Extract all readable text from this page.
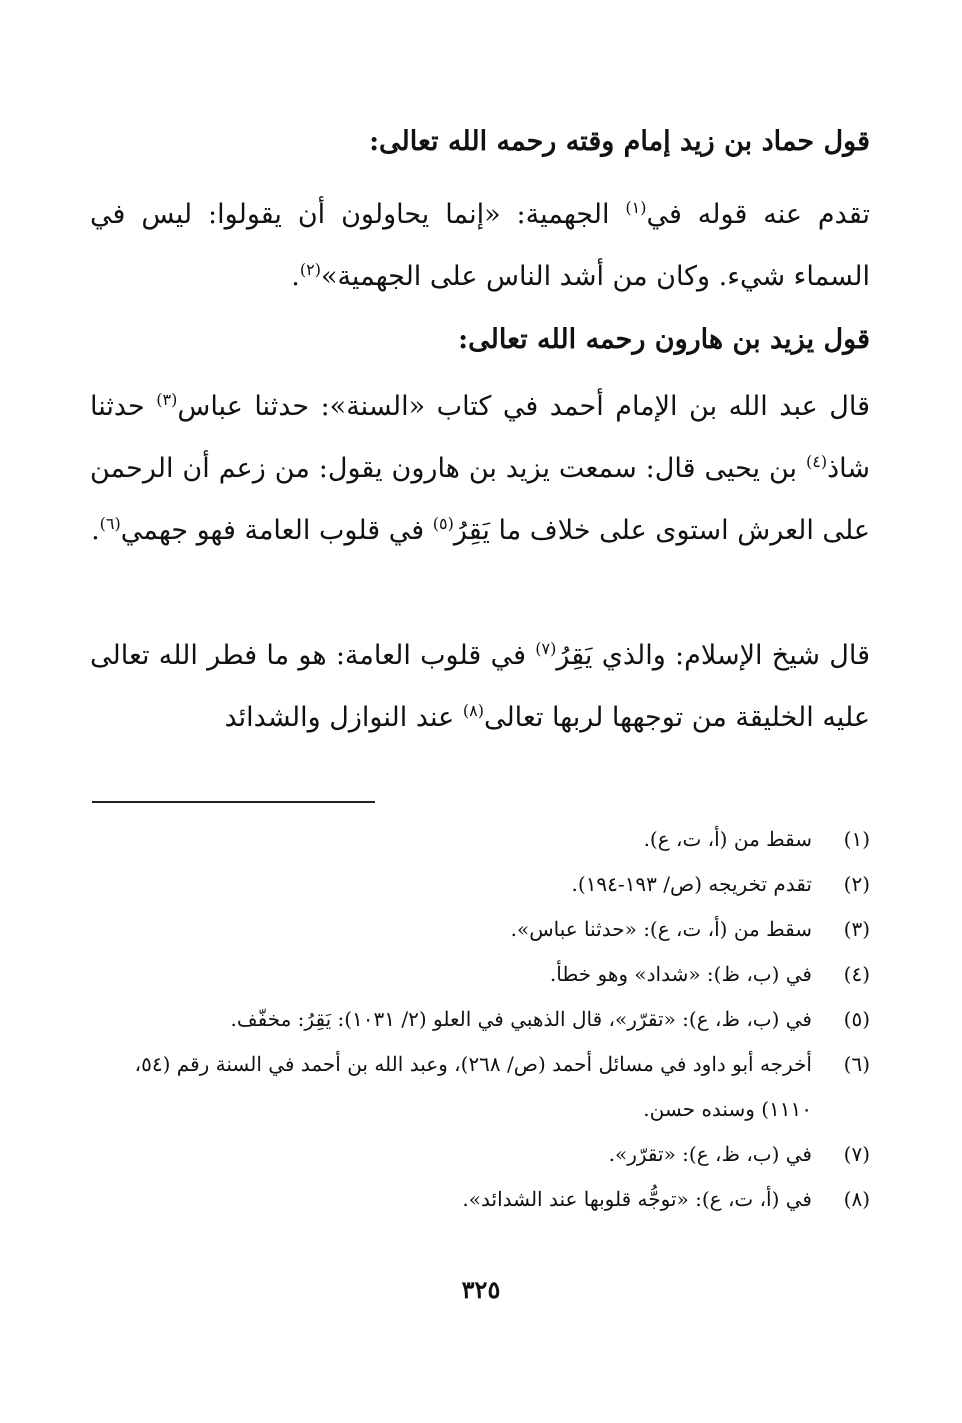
قول حماد بن زيد إمام وقته رحمه الله تعالى:
تقدم عنه قوله في$^{(١)}$ الجهمية: «إنما يحاولون أن يقولوا: ليس في السماء شيء. وكان من أشد الناس على الجهمية»$^{(٢)}$.
قول يزيد بن هارون رحمه الله تعالى:
قال عبد الله بن الإمام أحمد في كتاب «السنة»: حدثنا عباس$^{(٣)}$ حدثنا شاذ$^{(٤)}$ بن يحيى قال: سمعت يزيد بن هارون يقول: من زعم أن الرحمن على العرش استوى على خلاف ما يَقِرُ$^{(٥)}$ في قلوب العامة فهو جهمي$^{(٦)}$.
قال شيخ الإسلام: والذي يَقِرُ$^{(٧)}$ في قلوب العامة: هو ما فطر الله تعالى عليه الخليقة من توجهها لربها تعالى$^{(٨)}$ عند النوازل والشدائد
(١)
سقط من (أ، ت، ع).
(٢)
تقدم تخريجه (ص/ ١٩٣-١٩٤).
(٣)
سقط من (أ، ت، ع): «حدثنا عباس».
(٤)
في (ب، ظ): «شداد» وهو خطأ.
(٥)
في (ب، ظ، ع): «تقرّر»، قال الذهبي في العلو (٢/ ١٠٣١): يَقِرُ: مخفّف.
(٦)
أخرجه أبو داود في مسائل أحمد (ص/ ٢٦٨)، وعبد الله بن أحمد في السنة رقم (٥٤، ١١١٠) وسنده حسن.
(٧)
في (ب، ظ، ع): «تقرّر».
(٨)
في (أ، ت، ع): «توجُّه قلوبها عند الشدائد».
٣٢٥
